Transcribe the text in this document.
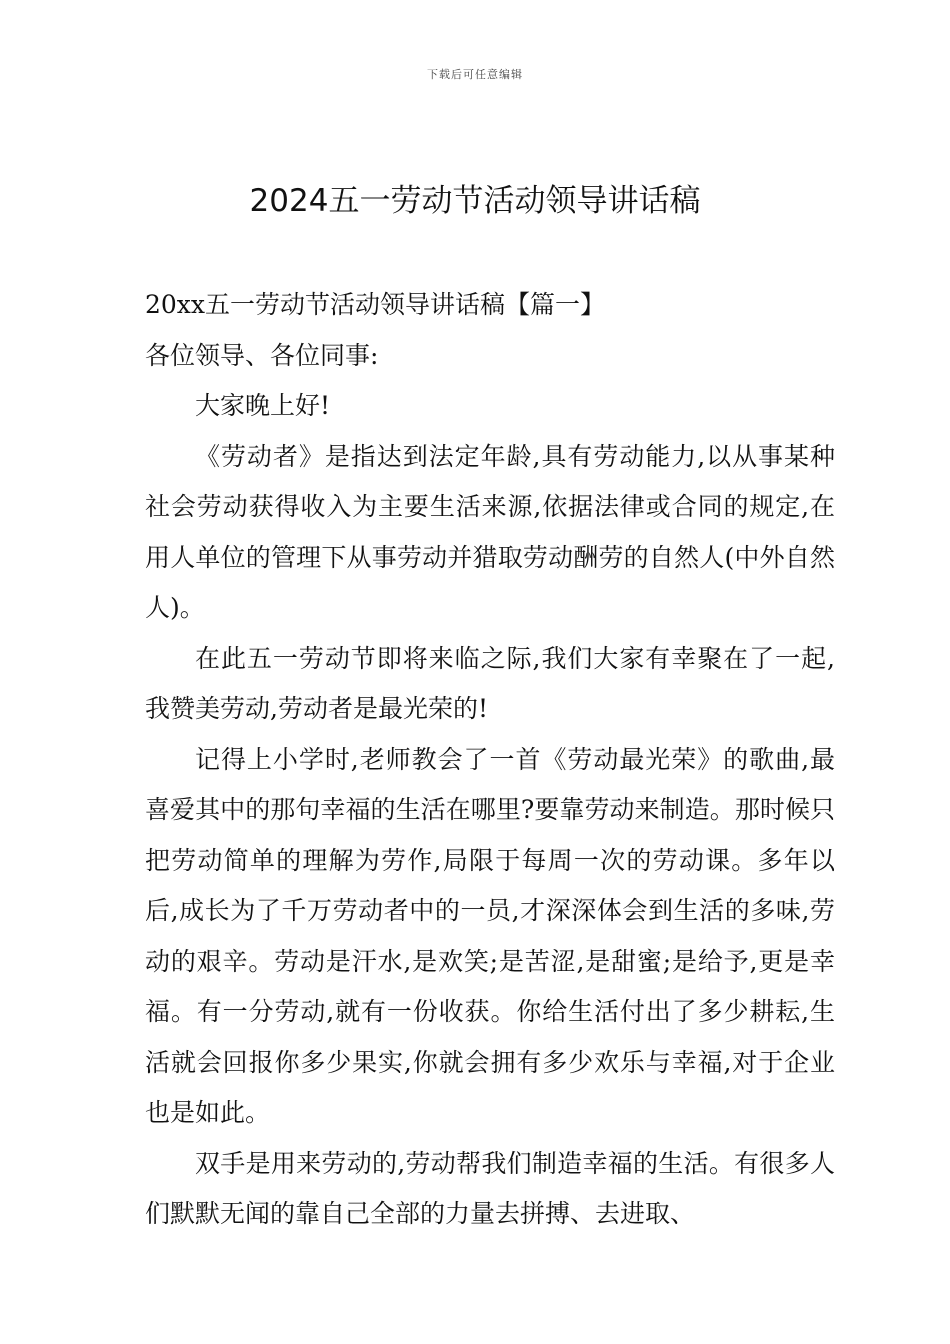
下载后可任意编辑
2024五一劳动节活动领导讲话稿

20xx五一劳动节活动领导讲话稿【篇一】

各位领导、各位同事:

大家晚上好!

《劳动者》是指达到法定年龄,具有劳动能力,以从事某种社会劳动获得收入为主要生活来源,依据法律或合同的规定,在用人单位的管理下从事劳动并猎取劳动酬劳的自然人(中外自然人)。

在此五一劳动节即将来临之际,我们大家有幸聚在了一起,我赞美劳动,劳动者是最光荣的!

记得上小学时,老师教会了一首《劳动最光荣》的歌曲,最喜爱其中的那句幸福的生活在哪里?要靠劳动来制造。那时候只把劳动简单的理解为劳作,局限于每周一次的劳动课。多年以后,成长为了千万劳动者中的一员,才深深体会到生活的多味,劳动的艰辛。劳动是汗水,是欢笑;是苦涩,是甜蜜;是给予,更是幸福。有一分劳动,就有一份收获。你给生活付出了多少耕耘,生活就会回报你多少果实,你就会拥有多少欢乐与幸福,对于企业也是如此。

双手是用来劳动的,劳动帮我们制造幸福的生活。有很多人们默默无闻的靠自己全部的力量去拼搏、去进取、
